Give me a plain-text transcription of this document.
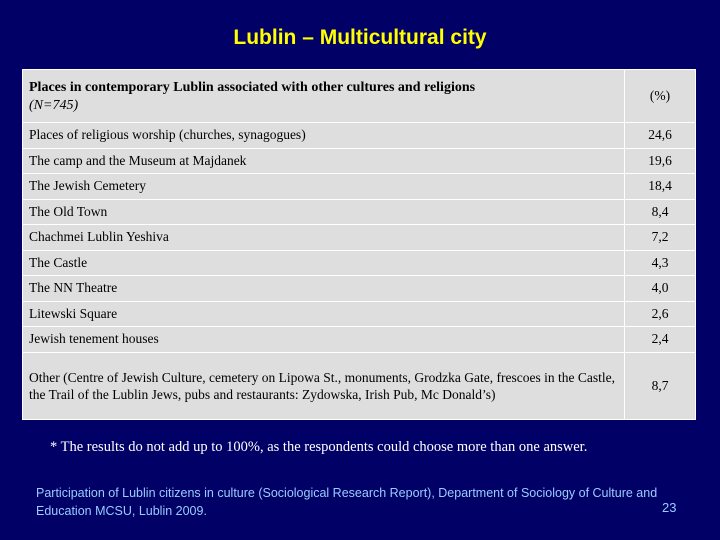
Lublin – Multicultural city
Places in contemporary Lublin associated with other cultures and religions
(N=745)	(%)
Places of religious worship (churches, synagogues)	24,6
The camp and the Museum at Majdanek	19,6
The Jewish Cemetery	18,4
The Old Town	8,4
Chachmei Lublin Yeshiva	7,2
The Castle	4,3
The NN Theatre	4,0
Litewski Square	2,6
Jewish tenement houses	2,4
Other (Centre of Jewish Culture, cemetery on Lipowa St., monuments, Grodzka Gate, frescoes in the Castle, the Trail of the Lublin Jews, pubs and restaurants: Zydowska, Irish Pub, Mc Donald’s)	8,7
* The results do not add up to 100%, as the respondents could choose more than one answer.
Participation of Lublin citizens in culture (Sociological Research Report), Department of Sociology of Culture and Education MCSU, Lublin 2009.	23
